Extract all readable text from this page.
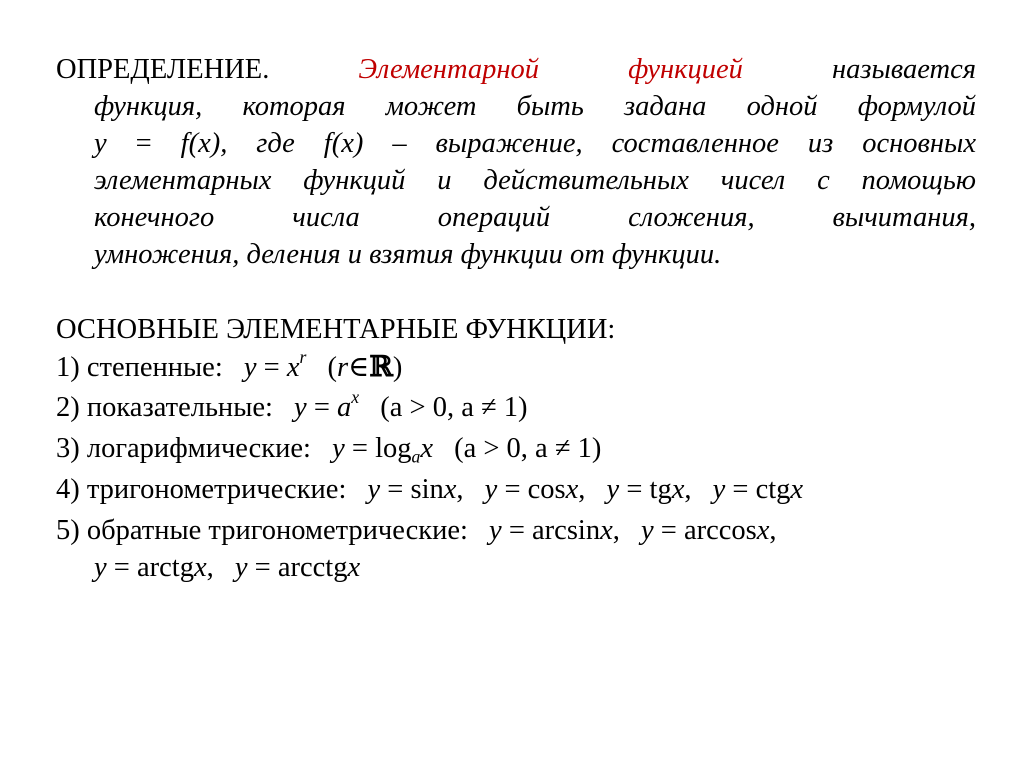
ОПРЕДЕЛЕНИЕ.	Элементарной	функцией	называется
функция, которая может быть задана одной формулой
y = f(x), где f(x) – выражение, составленное из основных
элементарных функций и действительных чисел с помощью
конечного	числа	операций	сложения,	вычитания,
умножения, деления и взятия функции от функции.
ОСНОВНЫЕ ЭЛЕМЕНТАРНЫЕ ФУНКЦИИ:
1) степенные: $y = x^r$ (r∈ℝ)
2) показательные: $y = a^x$ (a > 0, a ≠ 1)
3) логарифмические: $y = \log_ax$ (a > 0, a ≠ 1)
4) тригонометрические: y = sinx, y = cosx, y = tgx, y = ctgx
5) обратные тригонометрические: y = arcsinx, y = arccosx,
y = arctgx, y = arcctgx
